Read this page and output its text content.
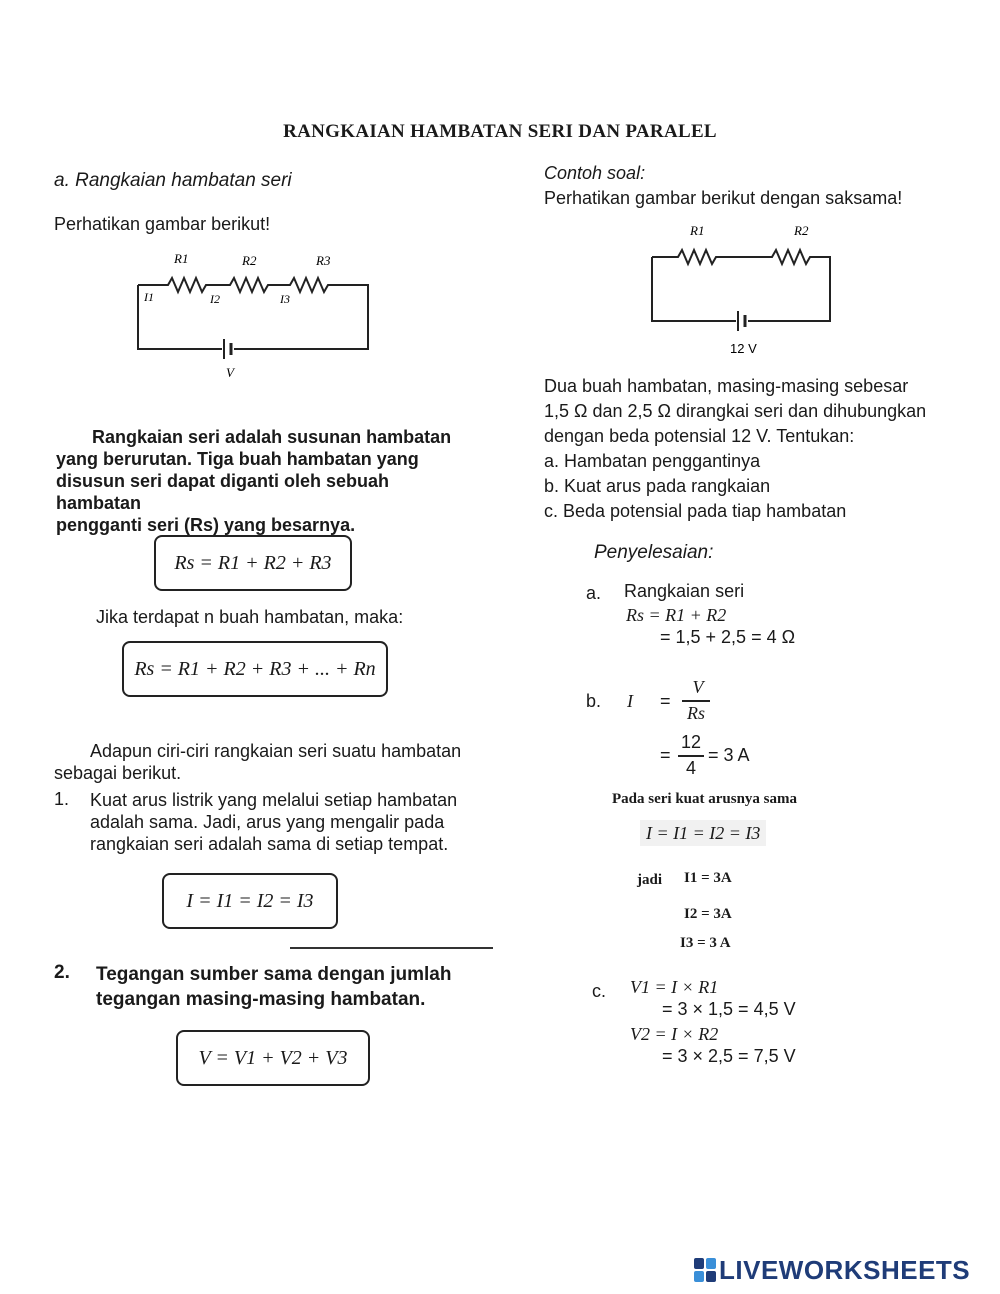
RANGKAIAN HAMBATAN SERI DAN PARALEL
a. Rangkaian hambatan seri
Perhatikan gambar berikut!
R1	R2	R3
I1	I2	I3
V
Rangkaian seri adalah susunan hambatan
yang berurutan. Tiga buah hambatan yang
disusun seri dapat diganti oleh sebuah hambatan
pengganti seri (Rs) yang besarnya.
Rs = R1 + R2 + R3
Jika terdapat n buah hambatan, maka:
Rs = R1 + R2 + R3 + ... + Rn
Adapun ciri-ciri rangkaian seri suatu hambatan
sebagai berikut.
1. Kuat arus listrik yang melalui setiap hambatan
adalah sama. Jadi, arus yang mengalir pada
rangkaian seri adalah sama di setiap tempat.
I = I1 = I2 = I3
2. Tegangan sumber sama dengan jumlah
tegangan masing-masing hambatan.
V = V1 + V2 + V3
Contoh soal:
Perhatikan gambar berikut dengan saksama!
R1	R2
12 V
Dua buah hambatan, masing-masing sebesar
1,5 Ω dan 2,5 Ω dirangkai seri dan dihubungkan
dengan beda potensial 12 V. Tentukan:
a. Hambatan penggantinya
b. Kuat arus pada rangkaian
c. Beda potensial pada tiap hambatan
Penyelesaian:
a. Rangkaian seri
Rs = R1 + R2
= 1,5 + 2,5 = 4 Ω
b. I =
V
Rs
=
12
4
= 3 A
Pada seri kuat arusnya sama
I = I1 = I2 = I3
jadi I1 = 3A
I2 = 3A
I3 = 3 A
c. V1 = I × R1
= 3 × 1,5 = 4,5 V
V2 = I × R2
= 3 × 2,5 = 7,5 V
LIVEWORKSHEETS
